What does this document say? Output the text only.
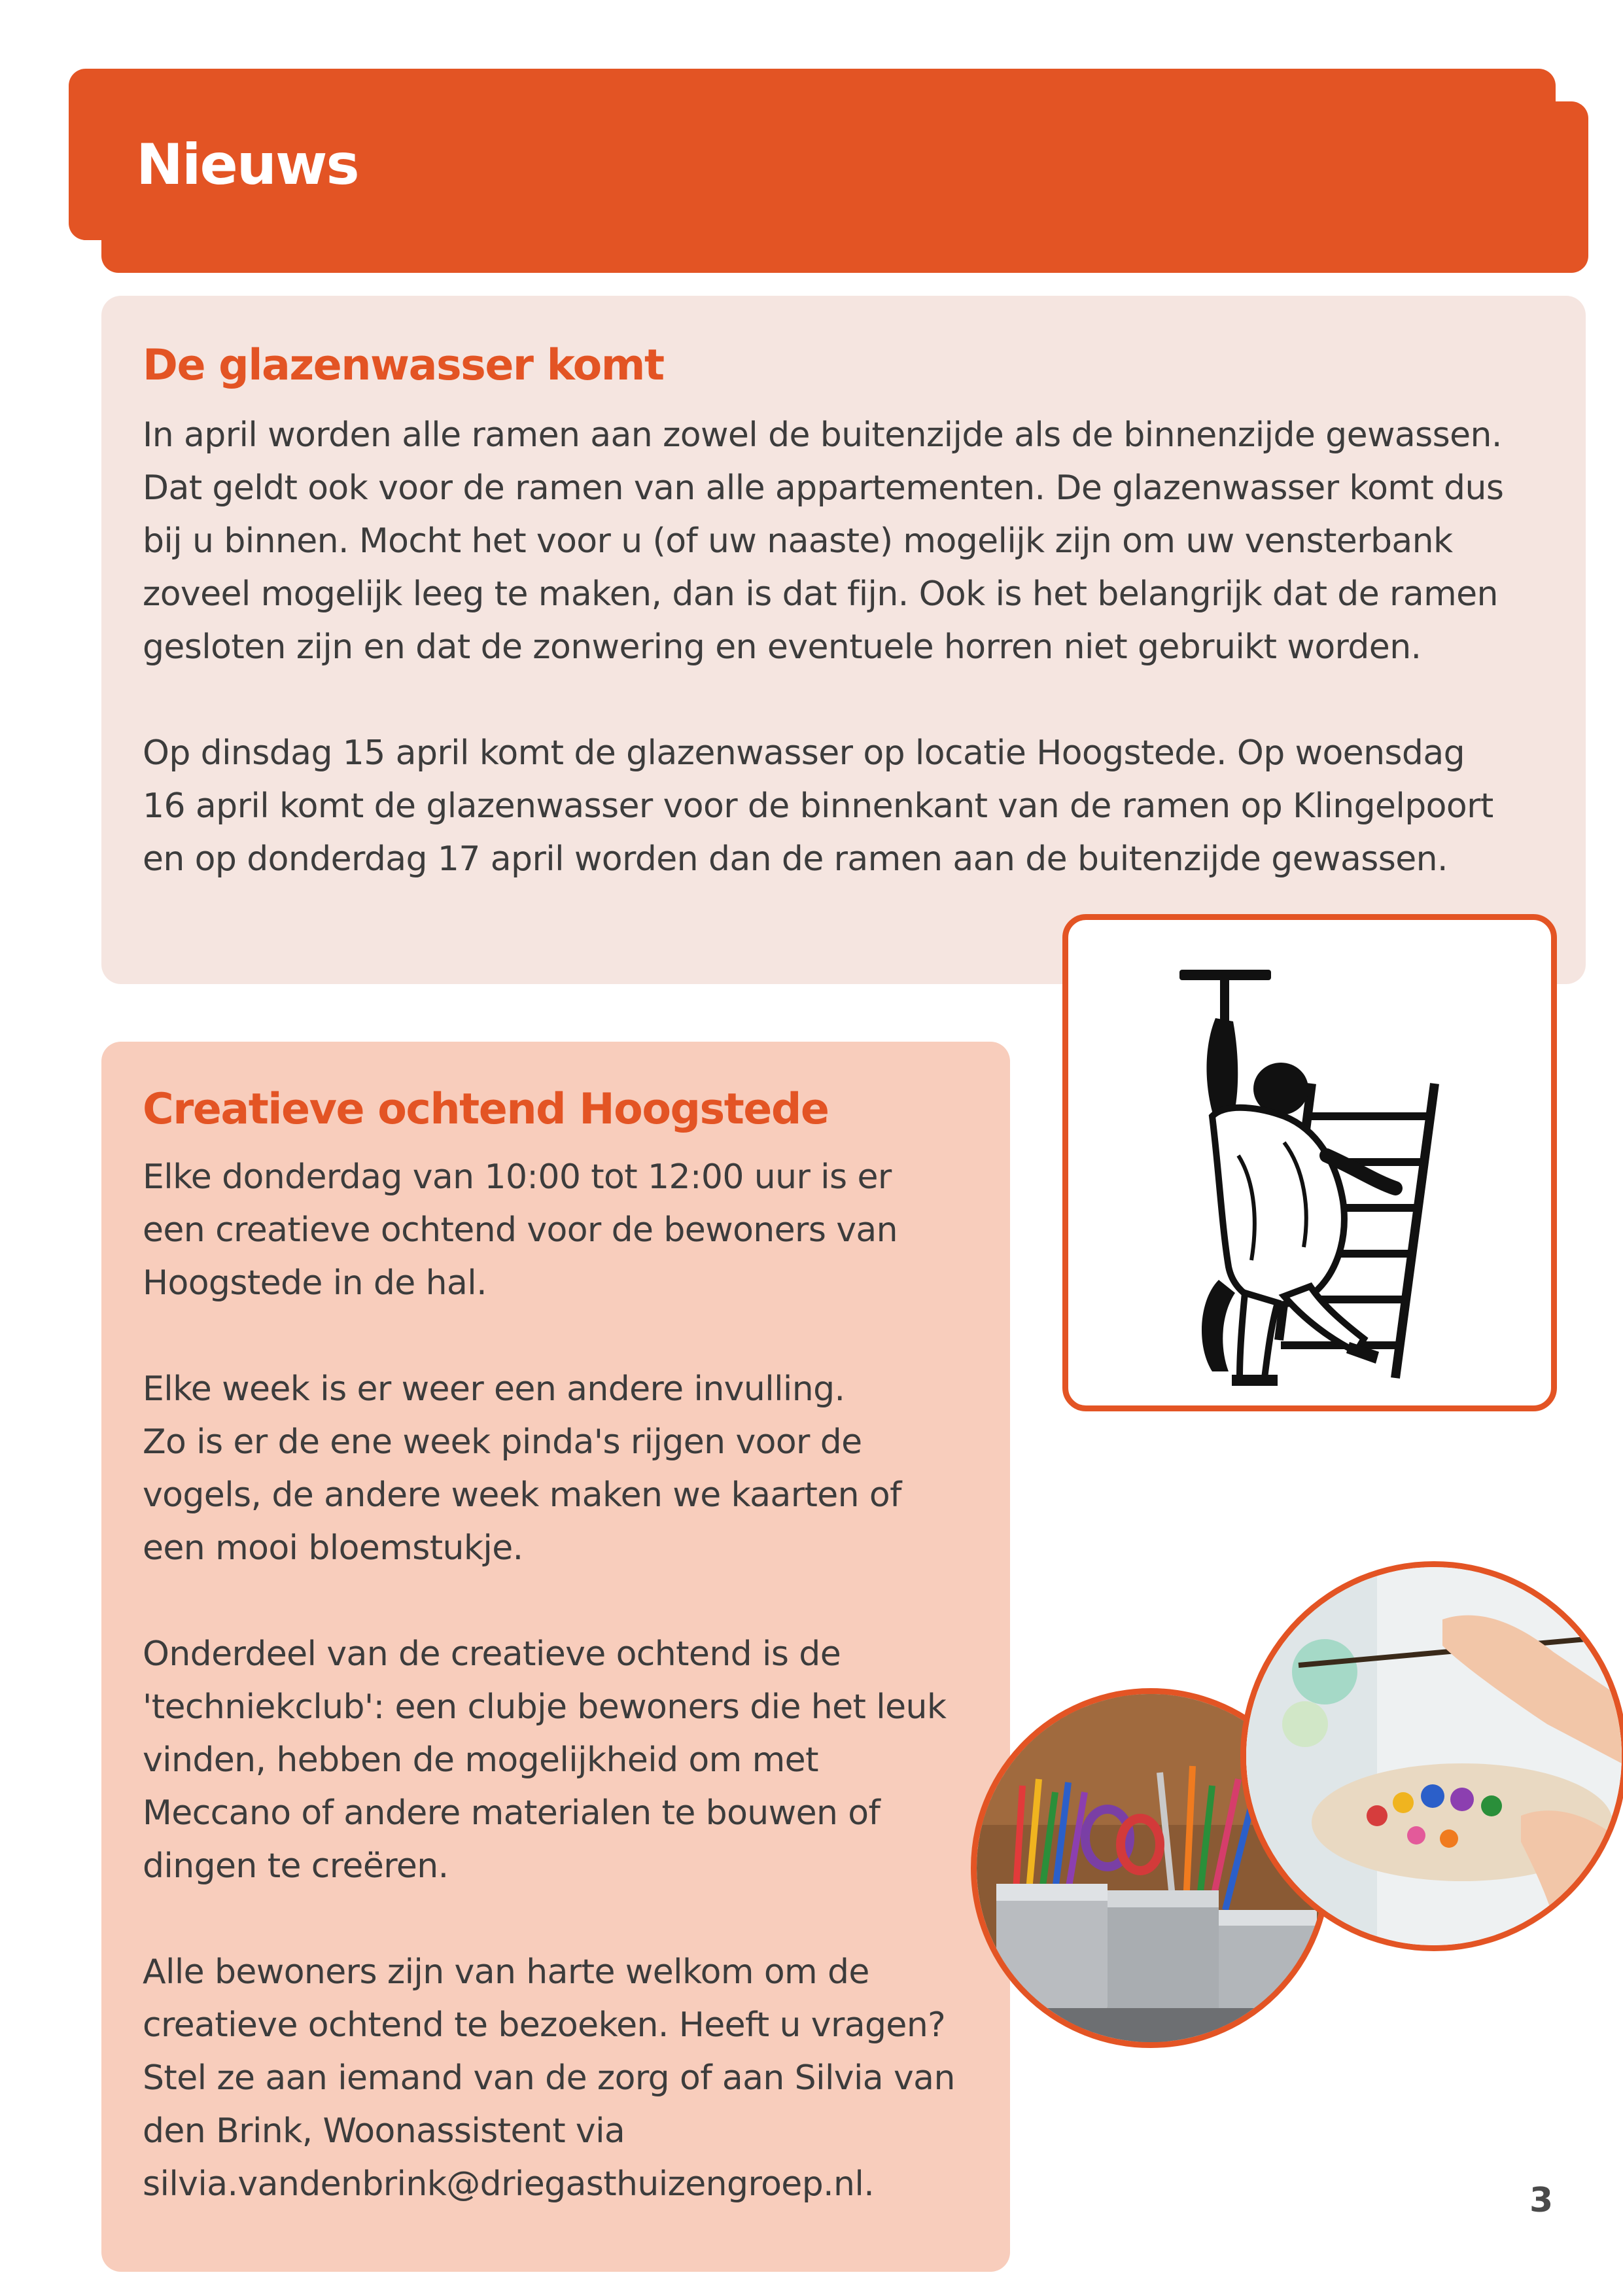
Nieuws
De glazenwasser komt

In april worden alle ramen aan zowel de buitenzijde als de binnenzijde gewassen.
Dat geldt ook voor de ramen van alle appartementen. De glazenwasser komt dus
bij u binnen. Mocht het voor u (of uw naaste) mogelijk zijn om uw vensterbank
zoveel mogelijk leeg te maken, dan is dat fijn. Ook is het belangrijk dat de ramen
gesloten zijn en dat de zonwering en eventuele horren niet gebruikt worden.

Op dinsdag 15 april komt de glazenwasser op locatie Hoogstede. Op woensdag
16 april komt de glazenwasser voor de binnenkant van de ramen op Klingelpoort
en op donderdag 17 april worden dan de ramen aan de buitenzijde gewassen.

Creatieve ochtend Hoogstede

Elke donderdag van 10:00 tot 12:00 uur is er
een creatieve ochtend voor de bewoners van
Hoogstede in de hal.

Elke week is er weer een andere invulling.
Zo is er de ene week pinda's rijgen voor de
vogels, de andere week maken we kaarten of
een mooi bloemstukje.

Onderdeel van de creatieve ochtend is de
'techniekclub': een clubje bewoners die het leuk
vinden, hebben de mogelijkheid om met
Meccano of andere materialen te bouwen of
dingen te creëren.

Alle bewoners zijn van harte welkom om de
creatieve ochtend te bezoeken. Heeft u vragen?
Stel ze aan iemand van de zorg of aan Silvia van
den Brink, Woonassistent via
silvia.vandenbrink@driegasthuizengroep.nl.	3
